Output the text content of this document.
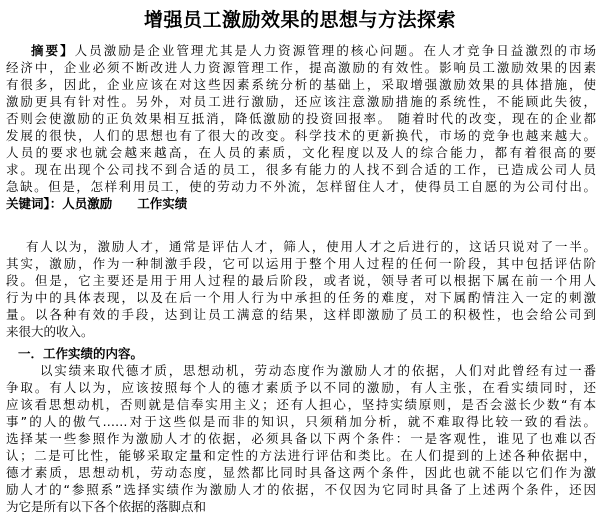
增强员工激励效果的思想与方法探索
摘要】人员激励是企业管理尤其是人力资源管理的核心问题。在人才竞争日益激烈的市场
经济中，企业必须不断改进人力资源管理工作，提高激励的有效性。影响员工激励效果的因素
有很多，因此，企业应该在对这些因素系统分析的基础上，采取增强激励效果的具体措施，使
激励更具有针对性。另外，对员工进行激励，还应该注意激励措施的系统性，不能顾此失彼，
否则会使激励的正负效果相互抵消，降低激励的投资回报率。 随着时代的改变，现在的企业都
发展的很快，人们的思想也有了很大的改变。科学技术的更新换代，市场的竞争也越来越大。
人员的要求也就会越来越高，在人员的素质，文化程度以及人的综合能力，都有着很高的要
求。现在出现个公司找不到合适的员工，很多有能力的人找不到合适的工作，已造成公司人员
急缺。但是，怎样利用员工，使的劳动力不外流，怎样留住人才，使得员工自愿的为公司付出。
关键词】：人员激励　　工作实绩
有人以为，激励人才，通常是评估人才，筛人，使用人才之后进行的，这话只说对了一半。
其实，激励，作为一种制激手段，它可以运用于整个用人过程的任何一阶段，其中包括评估阶
段。但是，它主要还是用于用人过程的最后阶段，或者说，领导者可以根据下属在前一个用人
行为中的具体表现，以及在后一个用人行为中承担的任务的难度，对下属酌情注入一定的刺激
量。以各种有效的手段，达到让员工满意的结果，这样即激励了员工的积极性，也会给公司到
来很大的收入。
一．工作实绩的内容。
以实绩来取代德才质，思想动机，劳动态度作为激励人才的依据，人们对此曾经有过一番
争取。有人以为，应该按照每个人的德才素质予以不同的激励，有人主张，在看实绩同时，还
应该看思想动机，否则就是信奉实用主义；还有人担心，坚持实绩原则，是否会滋长少数“有本
事”的人的傲气……对于这些似是而非的知识，只须稍加分析，就不难取得比较一致的看法。
选择某一些参照作为激励人才的依据，必须具备以下两个条件：一是客观性，谁见了也难以否
认；二是可比性，能够采取定量和定性的方法进行评估和类比。在人们提到的上述各种依据中，
德才素质，思想动机，劳动态度，显然都比同时具备这两个条件，因此也就不能以它们作为激
励人才的“参照系”选择实绩作为激励人才的依据，不仅因为它同时具备了上述两个条件，还因
为它是所有以下各个依据的落脚点和
